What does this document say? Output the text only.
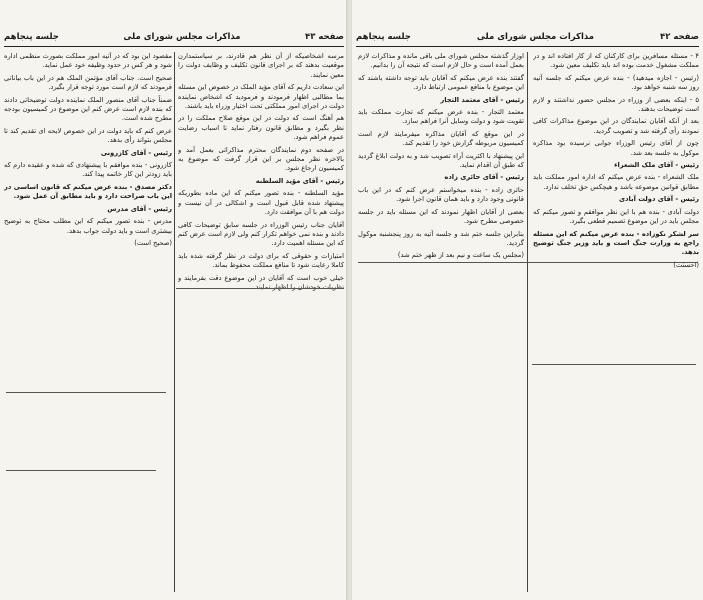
صفحه ۴۳
مذاکرات مجلس شورای ملی
جلسه پنجاهم

مرسه اشخاصیکه از آن نظر هم قادرند، بر سیاستمدارن موقعیت بدهند که بر اجرای قانون تکلیف و وظایف دولت را معین نمایند.

این سعادت داریم که آقای مؤید الملک در خصوص این مسئله بما مطالبی اظهار فرمودند و فرمودید که اشخاص نماینده دولت در اجرای امور مملکتی تحت اختیار وزراء باید باشند.

هم آهنگ است که دولت در این موقع صلاح مملکت را در نظر بگیرد و مطابق قانون رفتار نماید تا اسباب رضایت عموم فراهم شود.

در صفحه دوم نمایندگان محترم مذاکراتی بعمل آمد و بالاخره نظر مجلس بر این قرار گرفت که موضوع به کمیسیون ارجاع شود.

رئیس - آقای مؤید السلطنه

مؤید السلطنه - بنده تصور میکنم که این ماده بطوریکه پیشنهاد شده قابل قبول است و اشکالی در آن نیست و دولت هم با آن موافقت دارد.

آقایان جناب رئیس الوزراء در جلسه سابق توضیحات کافی دادند و بنده نمی خواهم تکرار کنم ولی لازم است عرض کنم که این مسئله اهمیت دارد.

امتیازات و حقوقی که برای دولت در نظر گرفته شده باید کاملا رعایت شود تا منافع مملکت محفوظ بماند.

خیلی خوب است که آقایان در این موضوع دقت بفرمایند و نظریات خودشان را اظهار نمایند.

مقصود این بود که در آتیه امور مملکت بصورت منظمی اداره شود و هر کس در حدود وظیفه خود عمل نماید.

صحیح است. جناب آقای مؤتمن الملک هم در این باب بیاناتی فرمودند که لازم است مورد توجه قرار بگیرد.

ضمناً جناب آقای منصور الملک نماینده دولت توضیحاتی دادند که بنده لازم است عرض کنم این موضوع در کمیسیون بودجه مطرح شده است.

عرض کنم که باید دولت در این خصوص لایحه ای تقدیم کند تا مجلس بتواند رأی بدهد.

رئیس - آقای کازرونی

کازرونی - بنده موافقم با پیشنهادی که شده و عقیده دارم که باید زودتر این کار خاتمه پیدا کند.

دکتر مصدق - بنده عرض میکنم که قانون اساسی در این باب صراحت دارد و باید مطابق آن عمل شود.

رئیس - آقای مدرس

مدرس - بنده تصور میکنم که این مطلب محتاج به توضیح بیشتری است و باید دولت جواب بدهد.

(صحیح است)

صفحه ۴۲
مذاکرات مجلس شورای ملی
جلسه پنجاهم

۴ - مسئله مسافرین برای کارکنان که از کار افتاده اند و در مملکت مشغول خدمت بوده اند باید تکلیف معین شود.

(رئیس - اجازه میدهید) - بنده عرض میکنم که جلسه آتیه روز سه شنبه خواهد بود.

۵ - اینکه بعضی از وزراء در مجلس حضور نداشتند و لازم است توضیحات بدهند.

بعد از آنکه آقایان نمایندگان در این موضوع مذاکرات کافی نمودند رأی گرفته شد و تصویب گردید.

چون از آقای رئیس الوزراء جوابی نرسیده بود مذاکره موکول به جلسه بعد شد.

رئیس - آقای ملک الشعراء

ملک الشعراء - بنده عرض میکنم که اداره امور مملکت باید مطابق قوانین موضوعه باشد و هیچکس حق تخلف ندارد.

رئیس - آقای دولت آبادی

دولت آبادی - بنده هم با این نظر موافقم و تصور میکنم که مجلس باید در این موضوع تصمیم قطعی بگیرد.

سر لشکر نکوزاده - بنده عرض میکنم که این مسئله راجع به وزارت جنگ است و باید وزیر جنگ توضیح بدهد.

(احسنت)

اوزار گذشته مجلس شورای ملی باقی مانده و مذاکرات لازم بعمل آمده است و حال لازم است که نتیجه آن را بدانیم.

گفتند بنده عرض میکنم که آقایان باید توجه داشته باشند که این موضوع با منافع عمومی ارتباط دارد.

رئیس - آقای معتمد التجار

معتمد التجار - بنده عرض میکنم که تجارت مملکت باید تقویت شود و دولت وسایل آنرا فراهم سازد.

در این موقع که آقایان مذاکره میفرمایند لازم است کمیسیون مربوطه گزارش خود را تقدیم کند.

این پیشنهاد با اکثریت آراء تصویب شد و به دولت ابلاغ گردید که طبق آن اقدام نماید.

رئیس - آقای حائری زاده

حائری زاده - بنده میخواستم عرض کنم که در این باب قانونی وجود دارد و باید همان قانون اجرا شود.

بعضی از آقایان اظهار نمودند که این مسئله باید در جلسه خصوصی مطرح شود.

بنابراین جلسه ختم شد و جلسه آتیه به روز پنجشنبه موکول گردید.

(مجلس یک ساعت و نیم بعد از ظهر ختم شد)
